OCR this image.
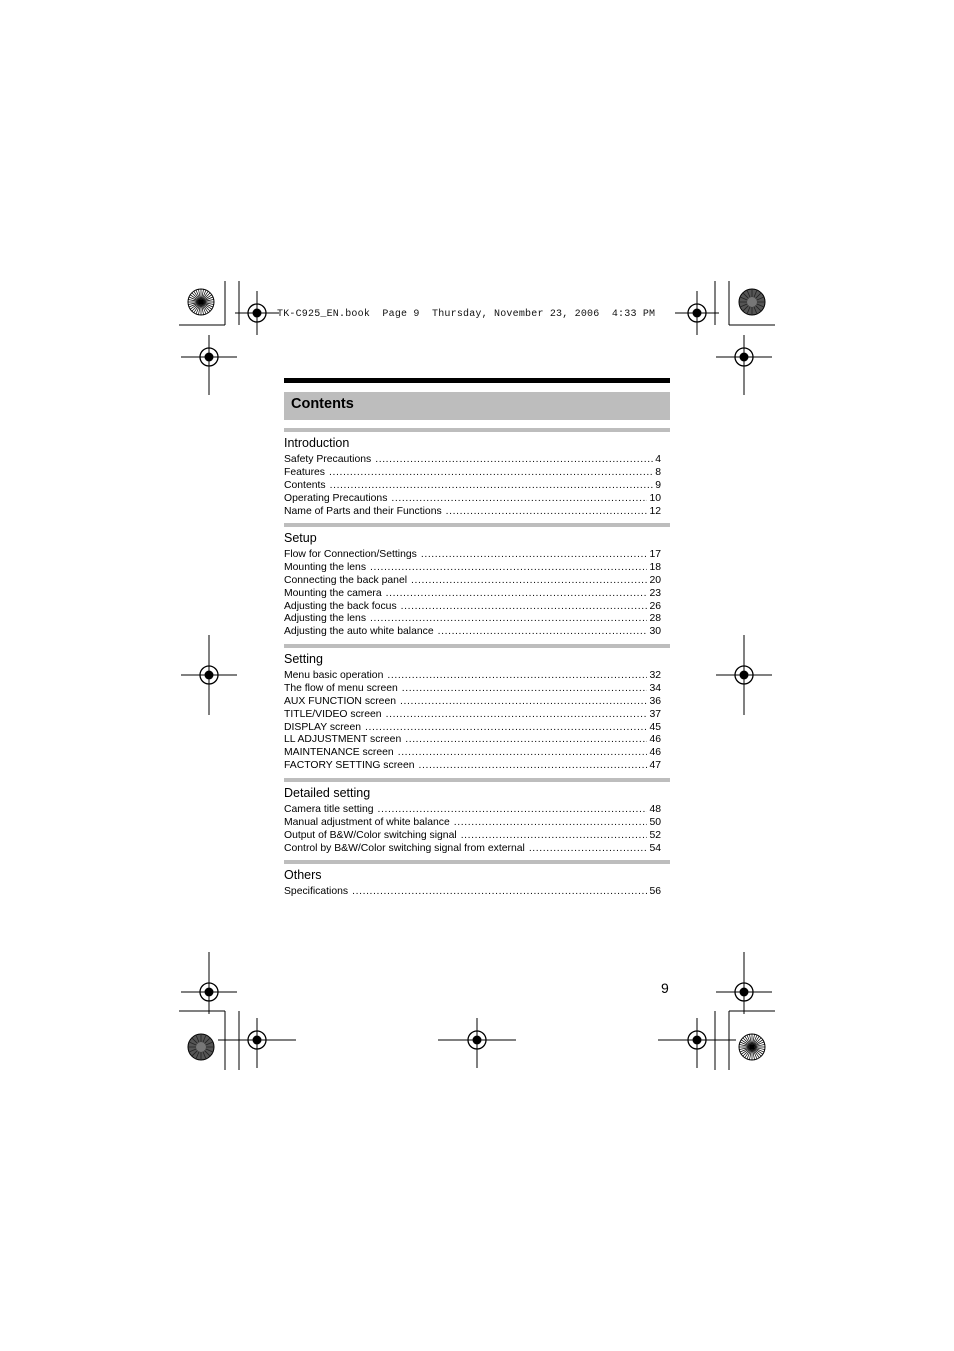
TK-C925_EN.book  Page 9  Thursday, November 23, 2006  4:33 PM
Contents
Introduction
Safety Precautions .....	4
Features .....	8
Contents .....	9
Operating Precautions .....	10
Name of Parts and their Functions .....	12
Setup
Flow for Connection/Settings .....	17
Mounting the lens .....	18
Connecting the back panel .....	20
Mounting the camera .....	23
Adjusting the back focus .....	26
Adjusting the lens .....	28
Adjusting the auto white balance .....	30
Setting
Menu basic operation .....	32
The flow of menu screen .....	34
AUX FUNCTION screen .....	36
TITLE/VIDEO screen .....	37
DISPLAY screen .....	45
LL ADJUSTMENT screen .....	46
MAINTENANCE screen .....	46
FACTORY SETTING screen .....	47
Detailed setting
Camera title setting .....	48
Manual adjustment of white balance .....	50
Output of B&W/Color switching signal .....	52
Control by B&W/Color switching signal from external .....	54
Others
Specifications .....	56
9
